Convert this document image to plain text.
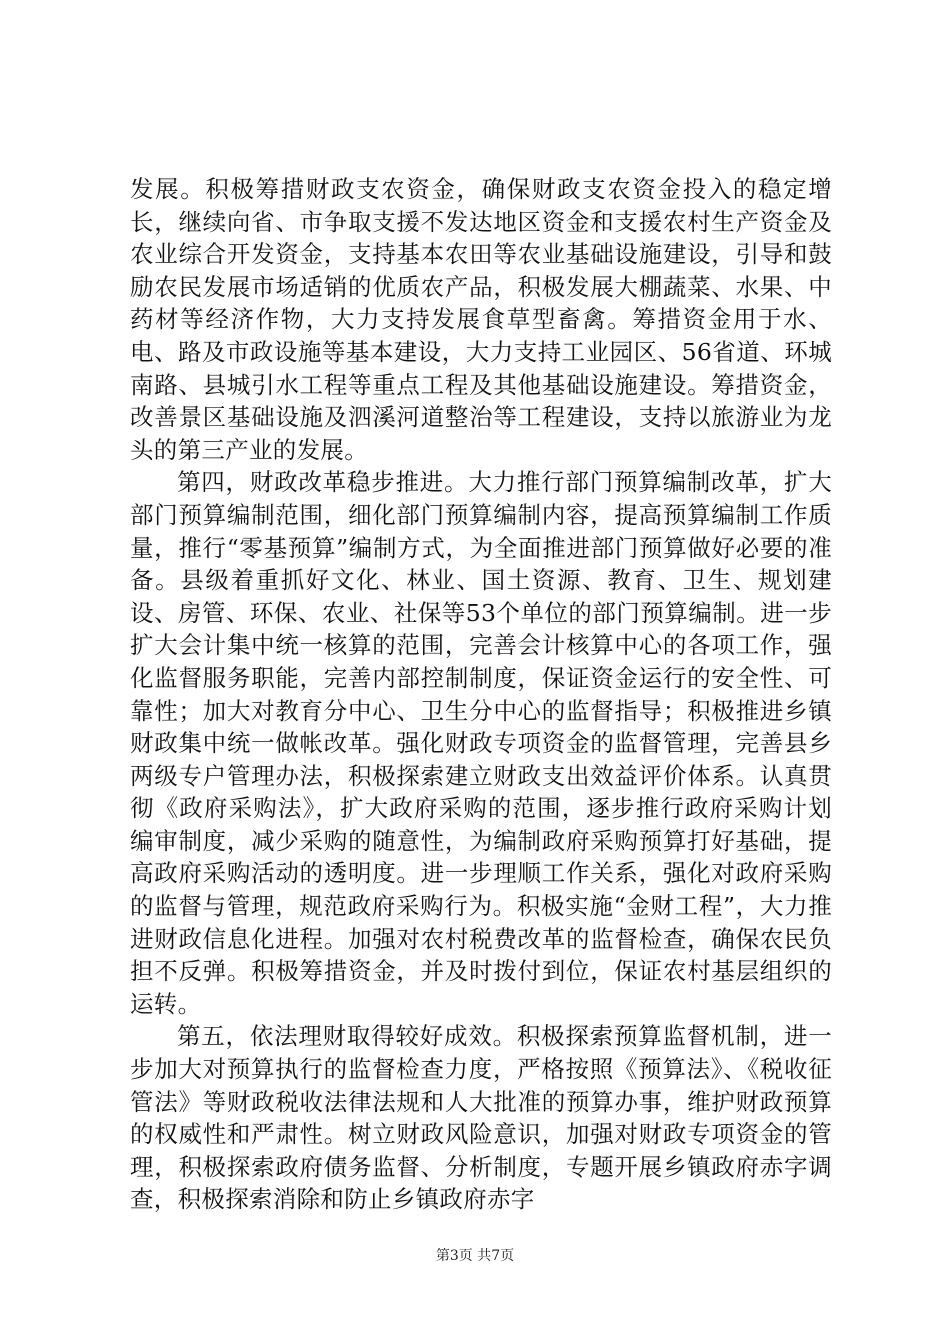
发展。积极筹措财政支农资金，确保财政支农资金投入的稳定增长，继续向省、市争取支援不发达地区资金和支援农村生产资金及农业综合开发资金，支持基本农田等农业基础设施建设，引导和鼓励农民发展市场适销的优质农产品，积极发展大棚蔬菜、水果、中药材等经济作物，大力支持发展食草型畜禽。筹措资金用于水、电、路及市政设施等基本建设，大力支持工业园区、56省道、环城南路、县城引水工程等重点工程及其他基础设施建设。筹措资金，改善景区基础设施及泗溪河道整治等工程建设，支持以旅游业为龙头的第三产业的发展。

第四，财政改革稳步推进。大力推行部门预算编制改革，扩大部门预算编制范围，细化部门预算编制内容，提高预算编制工作质量，推行“零基预算”编制方式，为全面推进部门预算做好必要的准备。县级着重抓好文化、林业、国土资源、教育、卫生、规划建设、房管、环保、农业、社保等53个单位的部门预算编制。进一步扩大会计集中统一核算的范围，完善会计核算中心的各项工作，强化监督服务职能，完善内部控制制度，保证资金运行的安全性、可靠性；加大对教育分中心、卫生分中心的监督指导；积极推进乡镇财政集中统一做帐改革。强化财政专项资金的监督管理，完善县乡两级专户管理办法，积极探索建立财政支出效益评价体系。认真贯彻《政府采购法》，扩大政府采购的范围，逐步推行政府采购计划编审制度，减少采购的随意性，为编制政府采购预算打好基础，提高政府采购活动的透明度。进一步理顺工作关系，强化对政府采购的监督与管理，规范政府采购行为。积极实施“金财工程”，大力推进财政信息化进程。加强对农村税费改革的监督检查，确保农民负担不反弹。积极筹措资金，并及时拨付到位，保证农村基层组织的运转。

第五，依法理财取得较好成效。积极探索预算监督机制，进一步加大对预算执行的监督检查力度，严格按照《预算法》、《税收征管法》等财政税收法律法规和人大批准的预算办事，维护财政预算的权威性和严肃性。树立财政风险意识，加强对财政专项资金的管理，积极探索政府债务监督、分析制度，专题开展乡镇政府赤字调查，积极探索消除和防止乡镇政府赤字

第3页 共7页
